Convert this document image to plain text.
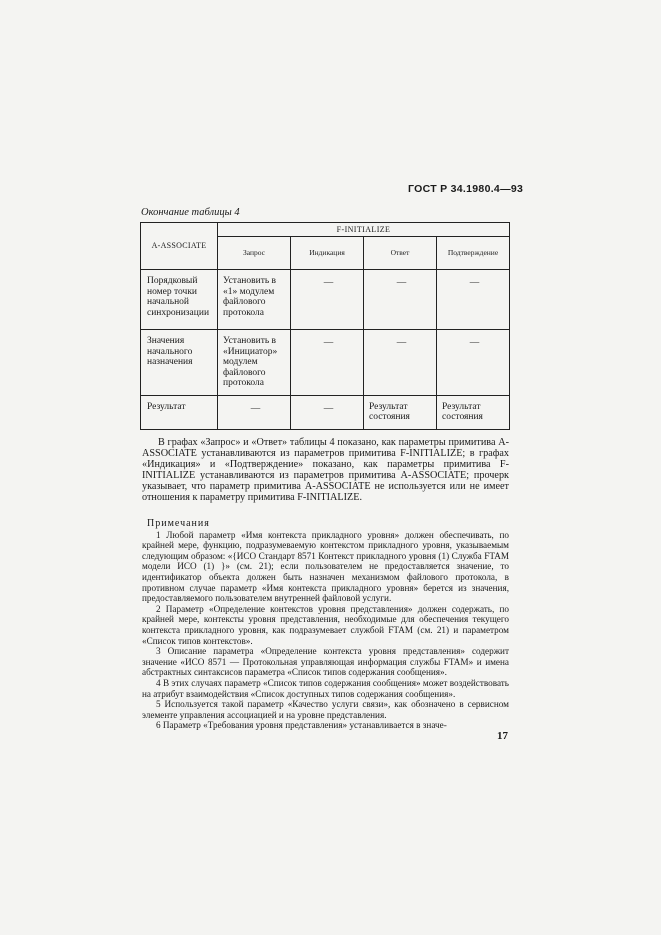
ГОСТ Р 34.1980.4—93
Окончание таблицы 4
A-ASSOCIATE	F-INITIALIZE			
	Запрос	Индикация	Ответ	Подтверждение
Порядковый номер точки начальной синхронизации	Установить в «1» модулем файлового протокола	—	—	—
Значения начального назначения	Установить в «Инициатор» модулем файлового протокола	—	—	—
Результат	—	—	Результат состояния	Результат состояния

В графах «Запрос» и «Ответ» таблицы 4 показано, как параметры примитива A-ASSOCIATE устанавливаются из параметров примитива F-INITIALIZE; в графах «Индикация» и «Подтверждение» показано, как параметры примитива F-INITIALIZE устанавливаются из параметров примитива A-ASSOCIATE; прочерк указывает, что параметр примитива A-ASSOCIATE не используется или не имеет отношения к параметру примитива F-INITIALIZE.

Примечания

1 Любой параметр «Имя контекста прикладного уровня» должен обеспечивать, по крайней мере, функцию, подразумеваемую контекстом прикладного уровня, указываемым следующим образом: «{ИСО Стандарт 8571 Контекст прикладного уровня (1) Служба FTAM модели ИСО (1) }» (см. 21); если пользователем не предоставляется значение, то идентификатор объекта должен быть назначен механизмом файлового протокола, в противном случае параметр «Имя контекста прикладного уровня» берется из значения, предоставляемого пользователем внутренней файловой услуги.

2 Параметр «Определение контекстов уровня представления» должен содержать, по крайней мере, контексты уровня представления, необходимые для обеспечения текущего контекста прикладного уровня, как подразумевает службой FTAM (см. 21) и параметром «Список типов контекстов».

3 Описание параметра «Определение контекста уровня представления» содержит значение «ИСО 8571 — Протокольная управляющая информация службы FTAM» и имена абстрактных синтаксисов параметра «Список типов содержания сообщения».

4 В этих случаях параметр «Список типов содержания сообщения» может воздействовать на атрибут взаимодействия «Список доступных типов содержания сообщения».

5 Используется такой параметр «Качество услуги связи», как обозначено в сервисном элементе управления ассоциацией и на уровне представления.

6 Параметр «Требования уровня представления» устанавливается в значе-

17
